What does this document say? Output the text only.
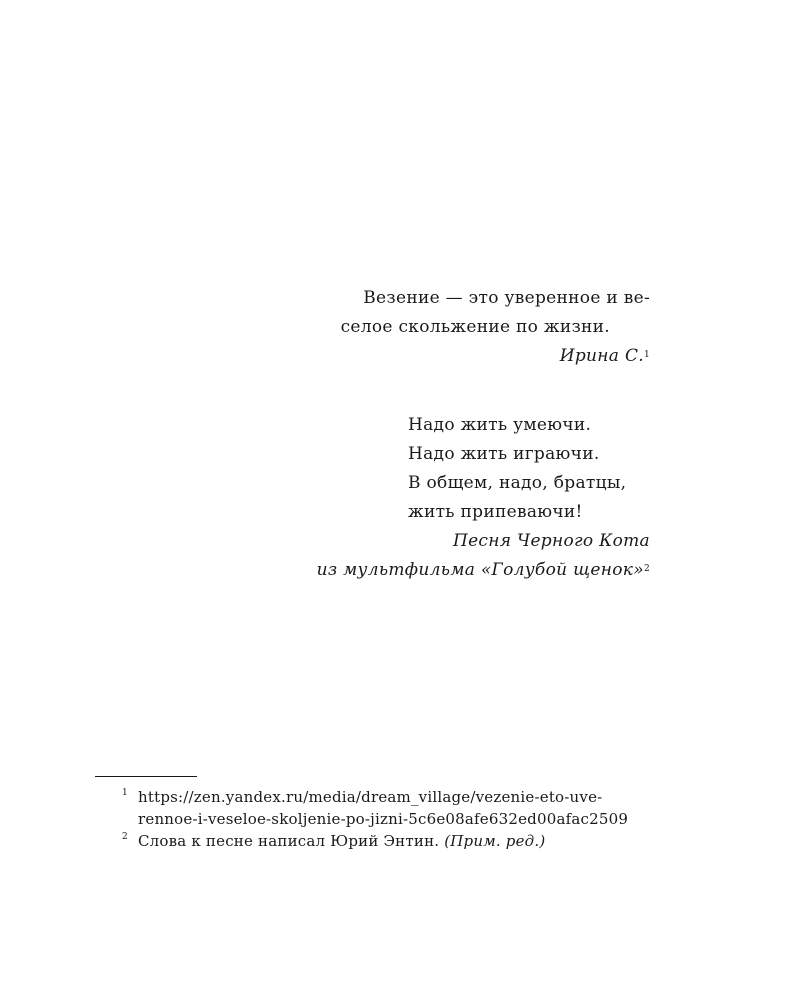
Везение — это уверенное и ве-
селое скольжение по жизни.
Ирина С.$^1$
Надо жить умеючи.
Надо жить играючи.
В общем, надо, братцы,
жить припеваючи!
Песня Черного Кота
из мультфильма «Голубой щенок»$^2$
1 https://zen.yandex.ru/media/dream_village/vezenie-eto-uve-
rennoe-i-veseloe-skoljenie-po-jizni-5c6e08afe632ed00afac2509
2 Слова к песне написал Юрий Энтин. (Прим. ред.)
